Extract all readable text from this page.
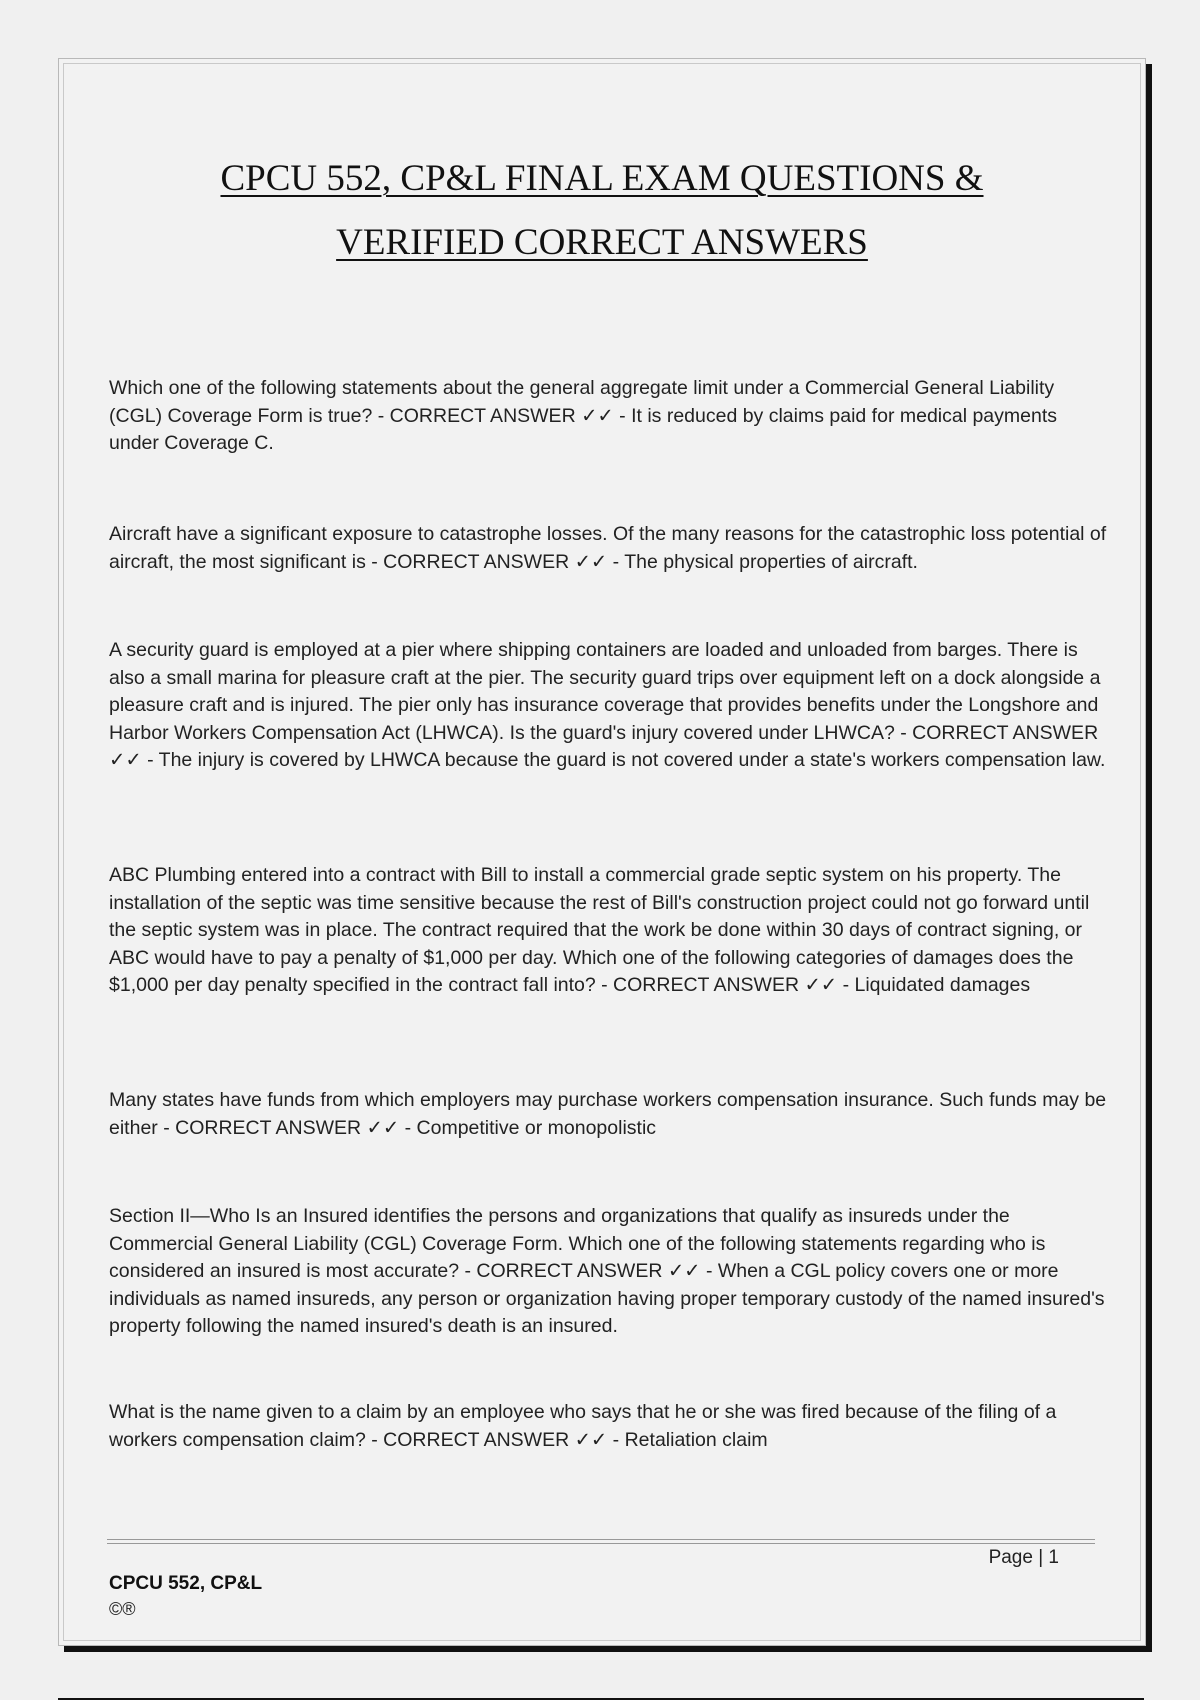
CPCU 552, CP&L FINAL EXAM QUESTIONS &
VERIFIED CORRECT ANSWERS

Which one of the following statements about the general aggregate limit under a Commercial General Liability (CGL) Coverage Form is true? - CORRECT ANSWER ✓✓ - It is reduced by claims paid for medical payments under Coverage C.

Aircraft have a significant exposure to catastrophe losses. Of the many reasons for the catastrophic loss potential of aircraft, the most significant is - CORRECT ANSWER ✓✓ - The physical properties of aircraft.

A security guard is employed at a pier where shipping containers are loaded and unloaded from barges. There is also a small marina for pleasure craft at the pier. The security guard trips over equipment left on a dock alongside a pleasure craft and is injured. The pier only has insurance coverage that provides benefits under the Longshore and Harbor Workers Compensation Act (LHWCA). Is the guard's injury covered under LHWCA? - CORRECT ANSWER ✓✓ - The injury is covered by LHWCA because the guard is not covered under a state's workers compensation law.

ABC Plumbing entered into a contract with Bill to install a commercial grade septic system on his property. The installation of the septic was time sensitive because the rest of Bill's construction project could not go forward until the septic system was in place. The contract required that the work be done within 30 days of contract signing, or ABC would have to pay a penalty of $1,000 per day. Which one of the following categories of damages does the $1,000 per day penalty specified in the contract fall into? - CORRECT ANSWER ✓✓ - Liquidated damages

Many states have funds from which employers may purchase workers compensation insurance. Such funds may be either - CORRECT ANSWER ✓✓ - Competitive or monopolistic

Section II—Who Is an Insured identifies the persons and organizations that qualify as insureds under the Commercial General Liability (CGL) Coverage Form. Which one of the following statements regarding who is considered an insured is most accurate? - CORRECT ANSWER ✓✓ - When a CGL policy covers one or more individuals as named insureds, any person or organization having proper temporary custody of the named insured's property following the named insured's death is an insured.

What is the name given to a claim by an employee who says that he or she was fired because of the filing of a workers compensation claim? - CORRECT ANSWER ✓✓ - Retaliation claim

Page | 1
CPCU 552, CP&L
©®
